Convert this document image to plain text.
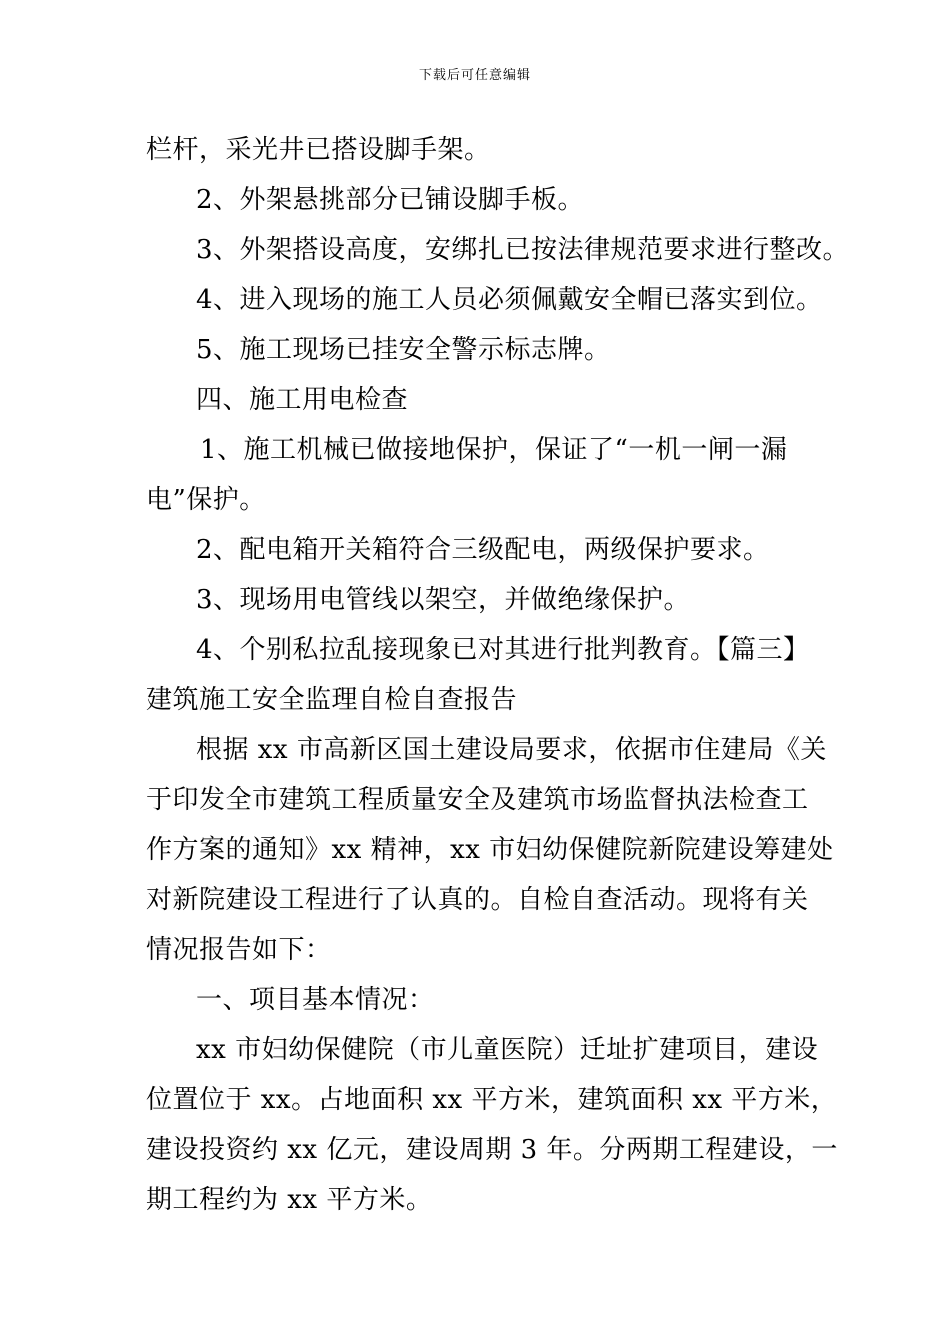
下载后可任意编辑
栏杆，采光井已搭设脚手架。
2、外架悬挑部分已铺设脚手板。
3、外架搭设高度，安绑扎已按法律规范要求进行整改。
4、进入现场的施工人员必须佩戴安全帽已落实到位。
5、施工现场已挂安全警示标志牌。
四、施工用电检查
1、施工机械已做接地保护，保证了“一机一闸一漏
电”保护。
2、配电箱开关箱符合三级配电，两级保护要求。
3、现场用电管线以架空，并做绝缘保护。
4、个别私拉乱接现象已对其进行批判教育。【篇三】
建筑施工安全监理自检自查报告
根据 xx 市高新区国土建设局要求，依据市住建局《关
于印发全市建筑工程质量安全及建筑市场监督执法检查工
作方案的通知》xx 精神，xx 市妇幼保健院新院建设筹建处
对新院建设工程进行了认真的。自检自查活动。现将有关
情况报告如下：
一、项目基本情况：
xx 市妇幼保健院（市儿童医院）迁址扩建项目，建设
位置位于 xx。占地面积 xx 平方米，建筑面积 xx 平方米，
建设投资约 xx 亿元，建设周期 3 年。分两期工程建设，一
期工程约为 xx 平方米。
